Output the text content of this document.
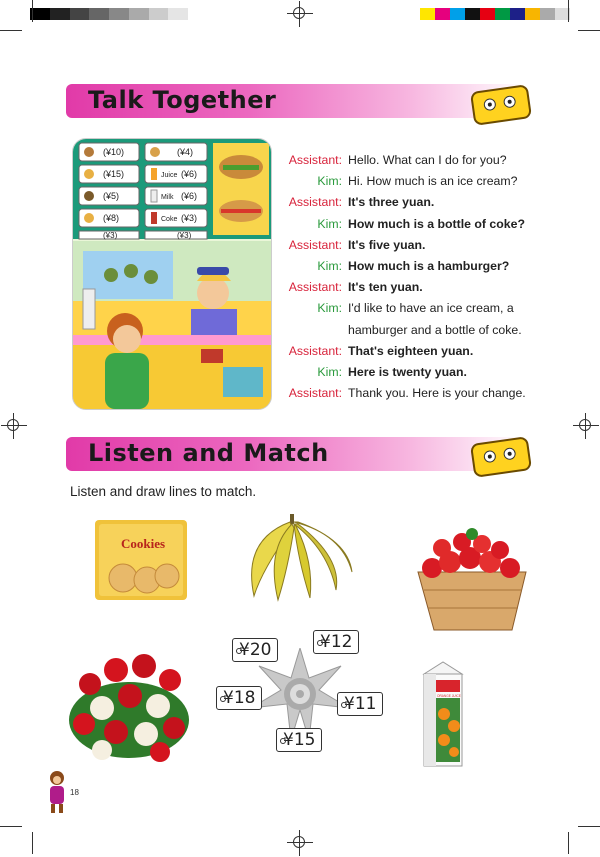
Talk Together
(¥10)
(¥15)
(¥5)
(¥8)
(¥3)
(¥4)
Juice (¥6)
Milk (¥6)
Coke (¥3)
(¥3)
Assistant: Hello. What can I do for you?
Kim: Hi. How much is an ice cream?
Assistant: It's three yuan.
Kim: How much is a bottle of coke?
Assistant: It's five yuan.
Kim: How much is a hamburger?
Assistant: It's ten yuan.
Kim: I'd like to have an ice cream, a
hamburger and a bottle of coke.
Assistant: That's eighteen yuan.
Kim: Here is twenty yuan.
Assistant: Thank you. Here is your change.
Listen and Match
Listen and draw lines to match.
Cookies
¥20	¥12
¥18	¥11
¥15
ORANGE JUICE
18
